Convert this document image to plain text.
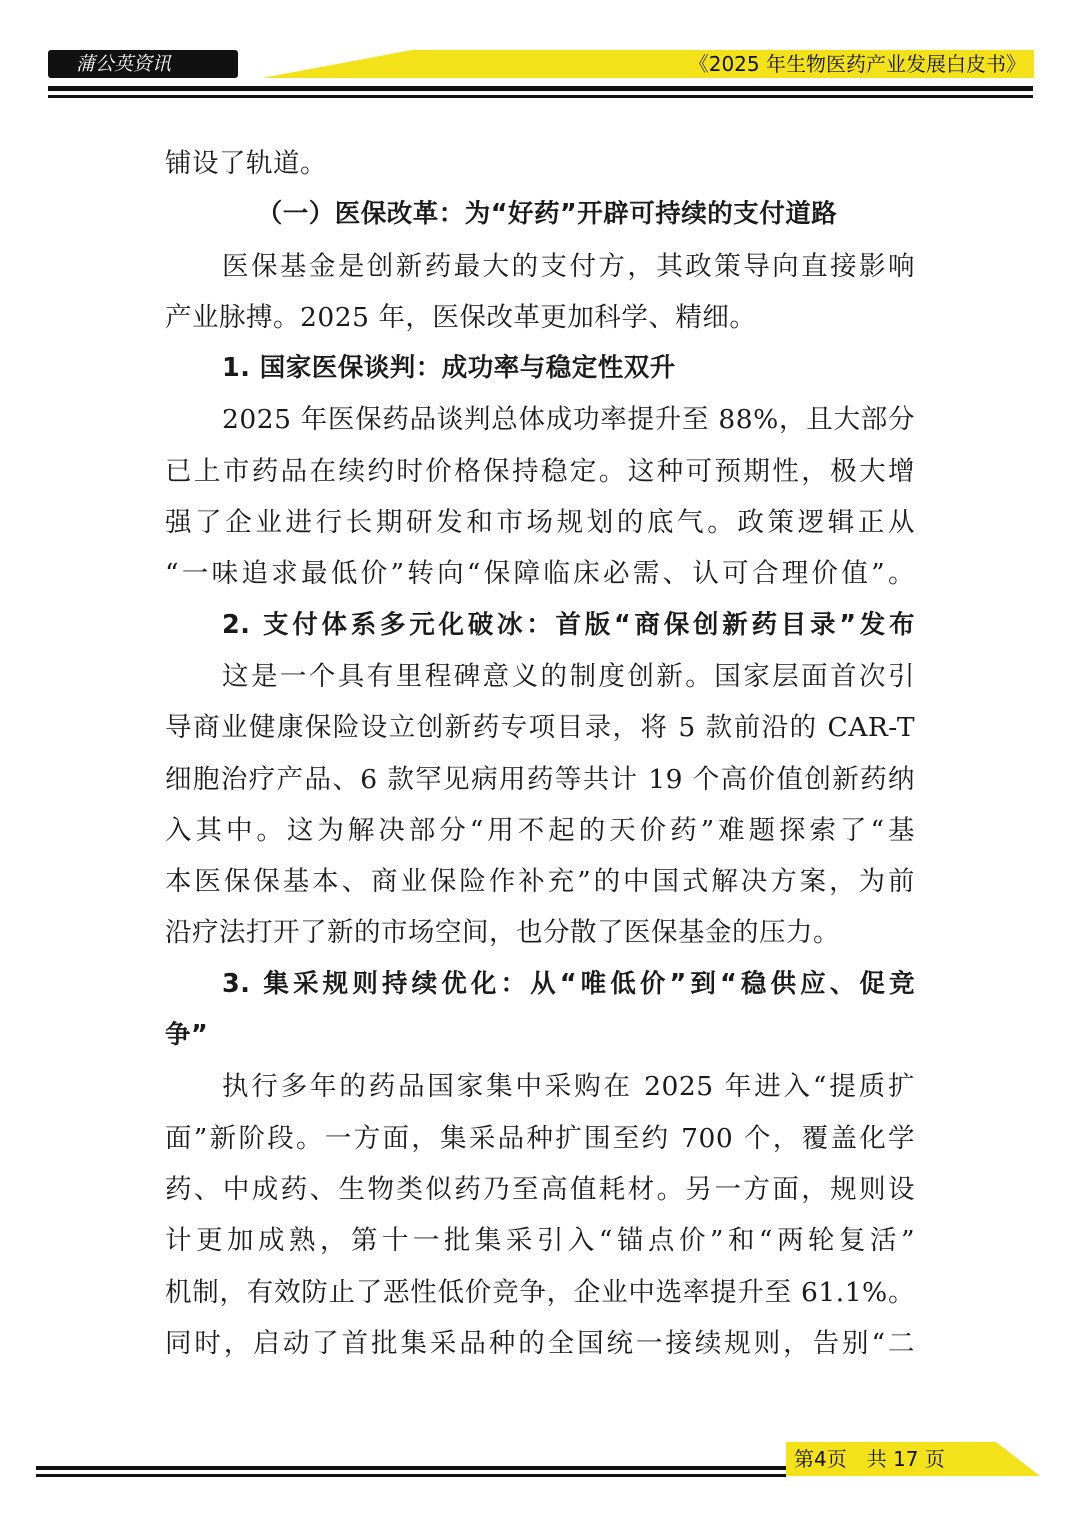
蒲公英资讯	《2025 年生物医药产业发展白皮书》
铺设了轨道。
（一）医保改革：为“好药”开辟可持续的支付道路
医保基金是创新药最大的支付方，其政策导向直接影响
产业脉搏。2025 年，医保改革更加科学、精细。
1. 国家医保谈判：成功率与稳定性双升
2025 年医保药品谈判总体成功率提升至 88%，且大部分
已上市药品在续约时价格保持稳定。这种可预期性，极大增
强了企业进行长期研发和市场规划的底气。政策逻辑正从
“一味追求最低价”转向“保障临床必需、认可合理价值”。
2. 支付体系多元化破冰：首版“商保创新药目录”发布
这是一个具有里程碑意义的制度创新。国家层面首次引
导商业健康保险设立创新药专项目录，将 5 款前沿的 CAR-T
细胞治疗产品、6 款罕见病用药等共计 19 个高价值创新药纳
入其中。这为解决部分“用不起的天价药”难题探索了“基
本医保保基本、商业保险作补充”的中国式解决方案，为前
沿疗法打开了新的市场空间，也分散了医保基金的压力。
3. 集采规则持续优化：从“唯低价”到“稳供应、促竞
争”
执行多年的药品国家集中采购在 2025 年进入“提质扩
面”新阶段。一方面，集采品种扩围至约 700 个，覆盖化学
药、中成药、生物类似药乃至高值耗材。另一方面，规则设
计更加成熟，第十一批集采引入“锚点价”和“两轮复活”
机制，有效防止了恶性低价竞争，企业中选率提升至 61.1%。
同时，启动了首批集采品种的全国统一接续规则，告别“二
第4页　共 17 页
